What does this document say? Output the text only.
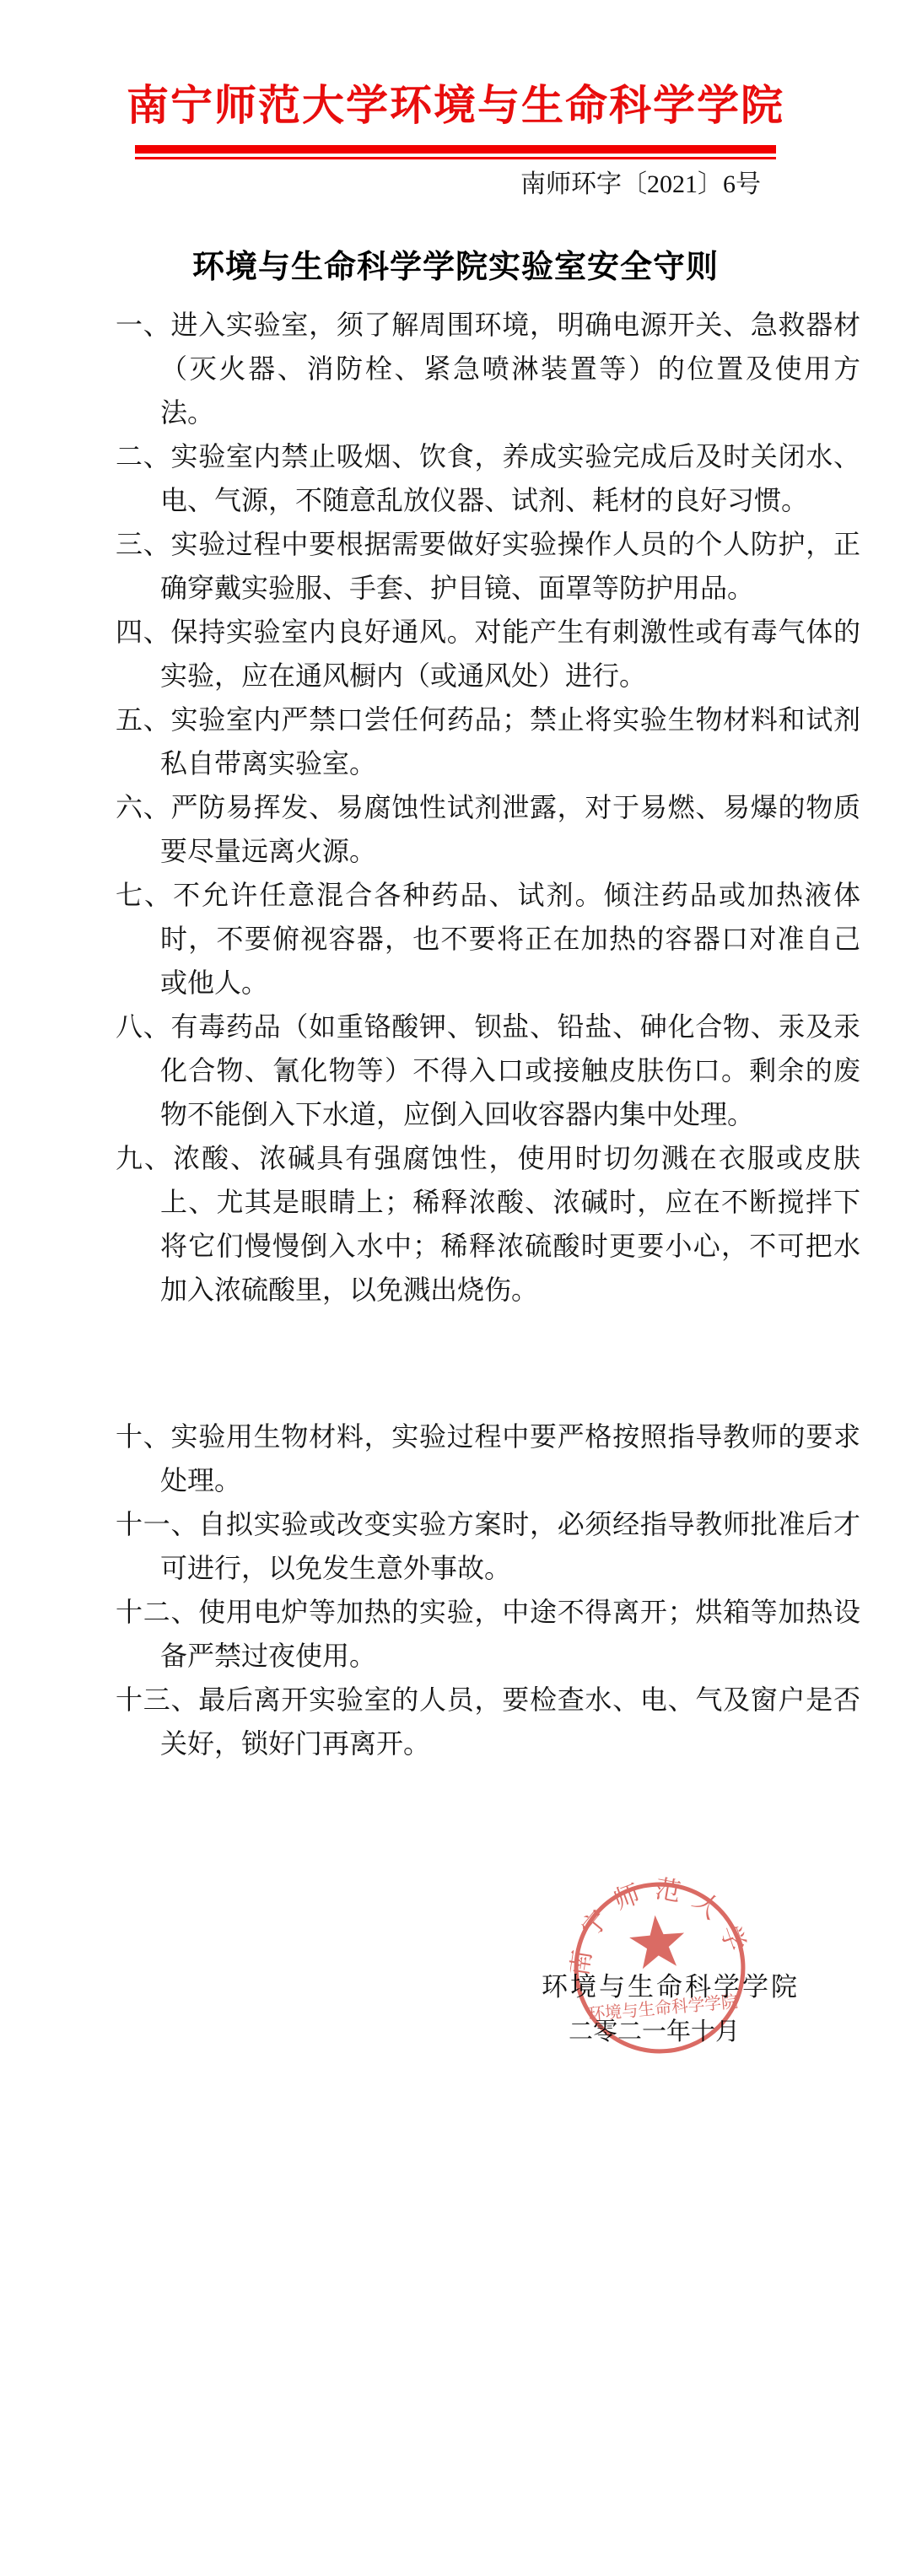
南宁师范大学环境与生命科学学院
南师环字〔2021〕6号
环境与生命科学学院实验室安全守则
一、进入实验室，须了解周围环境，明确电源开关、急救器材（灭火器、消防栓、紧急喷淋装置等）的位置及使用方法。
二、实验室内禁止吸烟、饮食，养成实验完成后及时关闭水、电、气源，不随意乱放仪器、试剂、耗材的良好习惯。
三、实验过程中要根据需要做好实验操作人员的个人防护，正确穿戴实验服、手套、护目镜、面罩等防护用品。
四、保持实验室内良好通风。对能产生有刺激性或有毒气体的实验，应在通风橱内（或通风处）进行。
五、实验室内严禁口尝任何药品；禁止将实验生物材料和试剂私自带离实验室。
六、严防易挥发、易腐蚀性试剂泄露，对于易燃、易爆的物质要尽量远离火源。
七、不允许任意混合各种药品、试剂。倾注药品或加热液体时，不要俯视容器，也不要将正在加热的容器口对准自己或他人。
八、有毒药品（如重铬酸钾、钡盐、铅盐、砷化合物、汞及汞化合物、氰化物等）不得入口或接触皮肤伤口。剩余的废物不能倒入下水道，应倒入回收容器内集中处理。
九、浓酸、浓碱具有强腐蚀性，使用时切勿溅在衣服或皮肤上、尤其是眼睛上；稀释浓酸、浓碱时，应在不断搅拌下将它们慢慢倒入水中；稀释浓硫酸时更要小心，不可把水加入浓硫酸里，以免溅出烧伤。
十、实验用生物材料，实验过程中要严格按照指导教师的要求处理。
十一、自拟实验或改变实验方案时，必须经指导教师批准后才可进行，以免发生意外事故。
十二、使用电炉等加热的实验，中途不得离开；烘箱等加热设备严禁过夜使用。
十三、最后离开实验室的人员，要检查水、电、气及窗户是否关好，锁好门再离开。
环境与生命科学学院
二零二一年十月
南宁师范大学
环境与生命科学学院
